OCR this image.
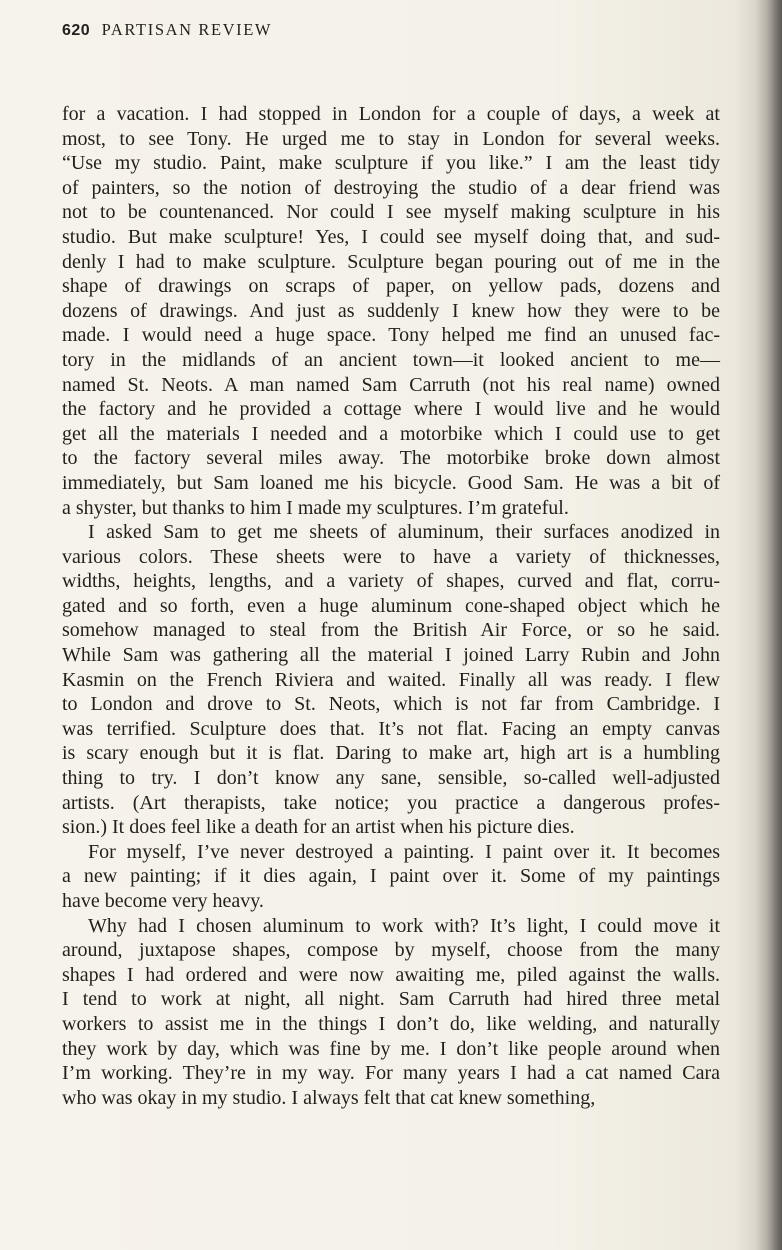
620 PARTISAN REVIEW
for a vacation. I had stopped in London for a couple of days, a week at
most, to see Tony. He urged me to stay in London for several weeks.
“Use my studio. Paint, make sculpture if you like.” I am the least tidy
of painters, so the notion of destroying the studio of a dear friend was
not to be countenanced. Nor could I see myself making sculpture in his
studio. But make sculpture! Yes, I could see myself doing that, and sud-
denly I had to make sculpture. Sculpture began pouring out of me in the
shape of drawings on scraps of paper, on yellow pads, dozens and
dozens of drawings. And just as suddenly I knew how they were to be
made. I would need a huge space. Tony helped me find an unused fac-
tory in the midlands of an ancient town—it looked ancient to me—
named St. Neots. A man named Sam Carruth (not his real name) owned
the factory and he provided a cottage where I would live and he would
get all the materials I needed and a motorbike which I could use to get
to the factory several miles away. The motorbike broke down almost
immediately, but Sam loaned me his bicycle. Good Sam. He was a bit of
a shyster, but thanks to him I made my sculptures. I’m grateful.
I asked Sam to get me sheets of aluminum, their surfaces anodized in
various colors. These sheets were to have a variety of thicknesses,
widths, heights, lengths, and a variety of shapes, curved and flat, corru-
gated and so forth, even a huge aluminum cone-shaped object which he
somehow managed to steal from the British Air Force, or so he said.
While Sam was gathering all the material I joined Larry Rubin and John
Kasmin on the French Riviera and waited. Finally all was ready. I flew
to London and drove to St. Neots, which is not far from Cambridge. I
was terrified. Sculpture does that. It’s not flat. Facing an empty canvas
is scary enough but it is flat. Daring to make art, high art is a humbling
thing to try. I don’t know any sane, sensible, so-called well-adjusted
artists. (Art therapists, take notice; you practice a dangerous profes-
sion.) It does feel like a death for an artist when his picture dies.
For myself, I’ve never destroyed a painting. I paint over it. It becomes
a new painting; if it dies again, I paint over it. Some of my paintings
have become very heavy.
Why had I chosen aluminum to work with? It’s light, I could move it
around, juxtapose shapes, compose by myself, choose from the many
shapes I had ordered and were now awaiting me, piled against the walls.
I tend to work at night, all night. Sam Carruth had hired three metal
workers to assist me in the things I don’t do, like welding, and naturally
they work by day, which was fine by me. I don’t like people around when
I’m working. They’re in my way. For many years I had a cat named Cara
who was okay in my studio. I always felt that cat knew something,
